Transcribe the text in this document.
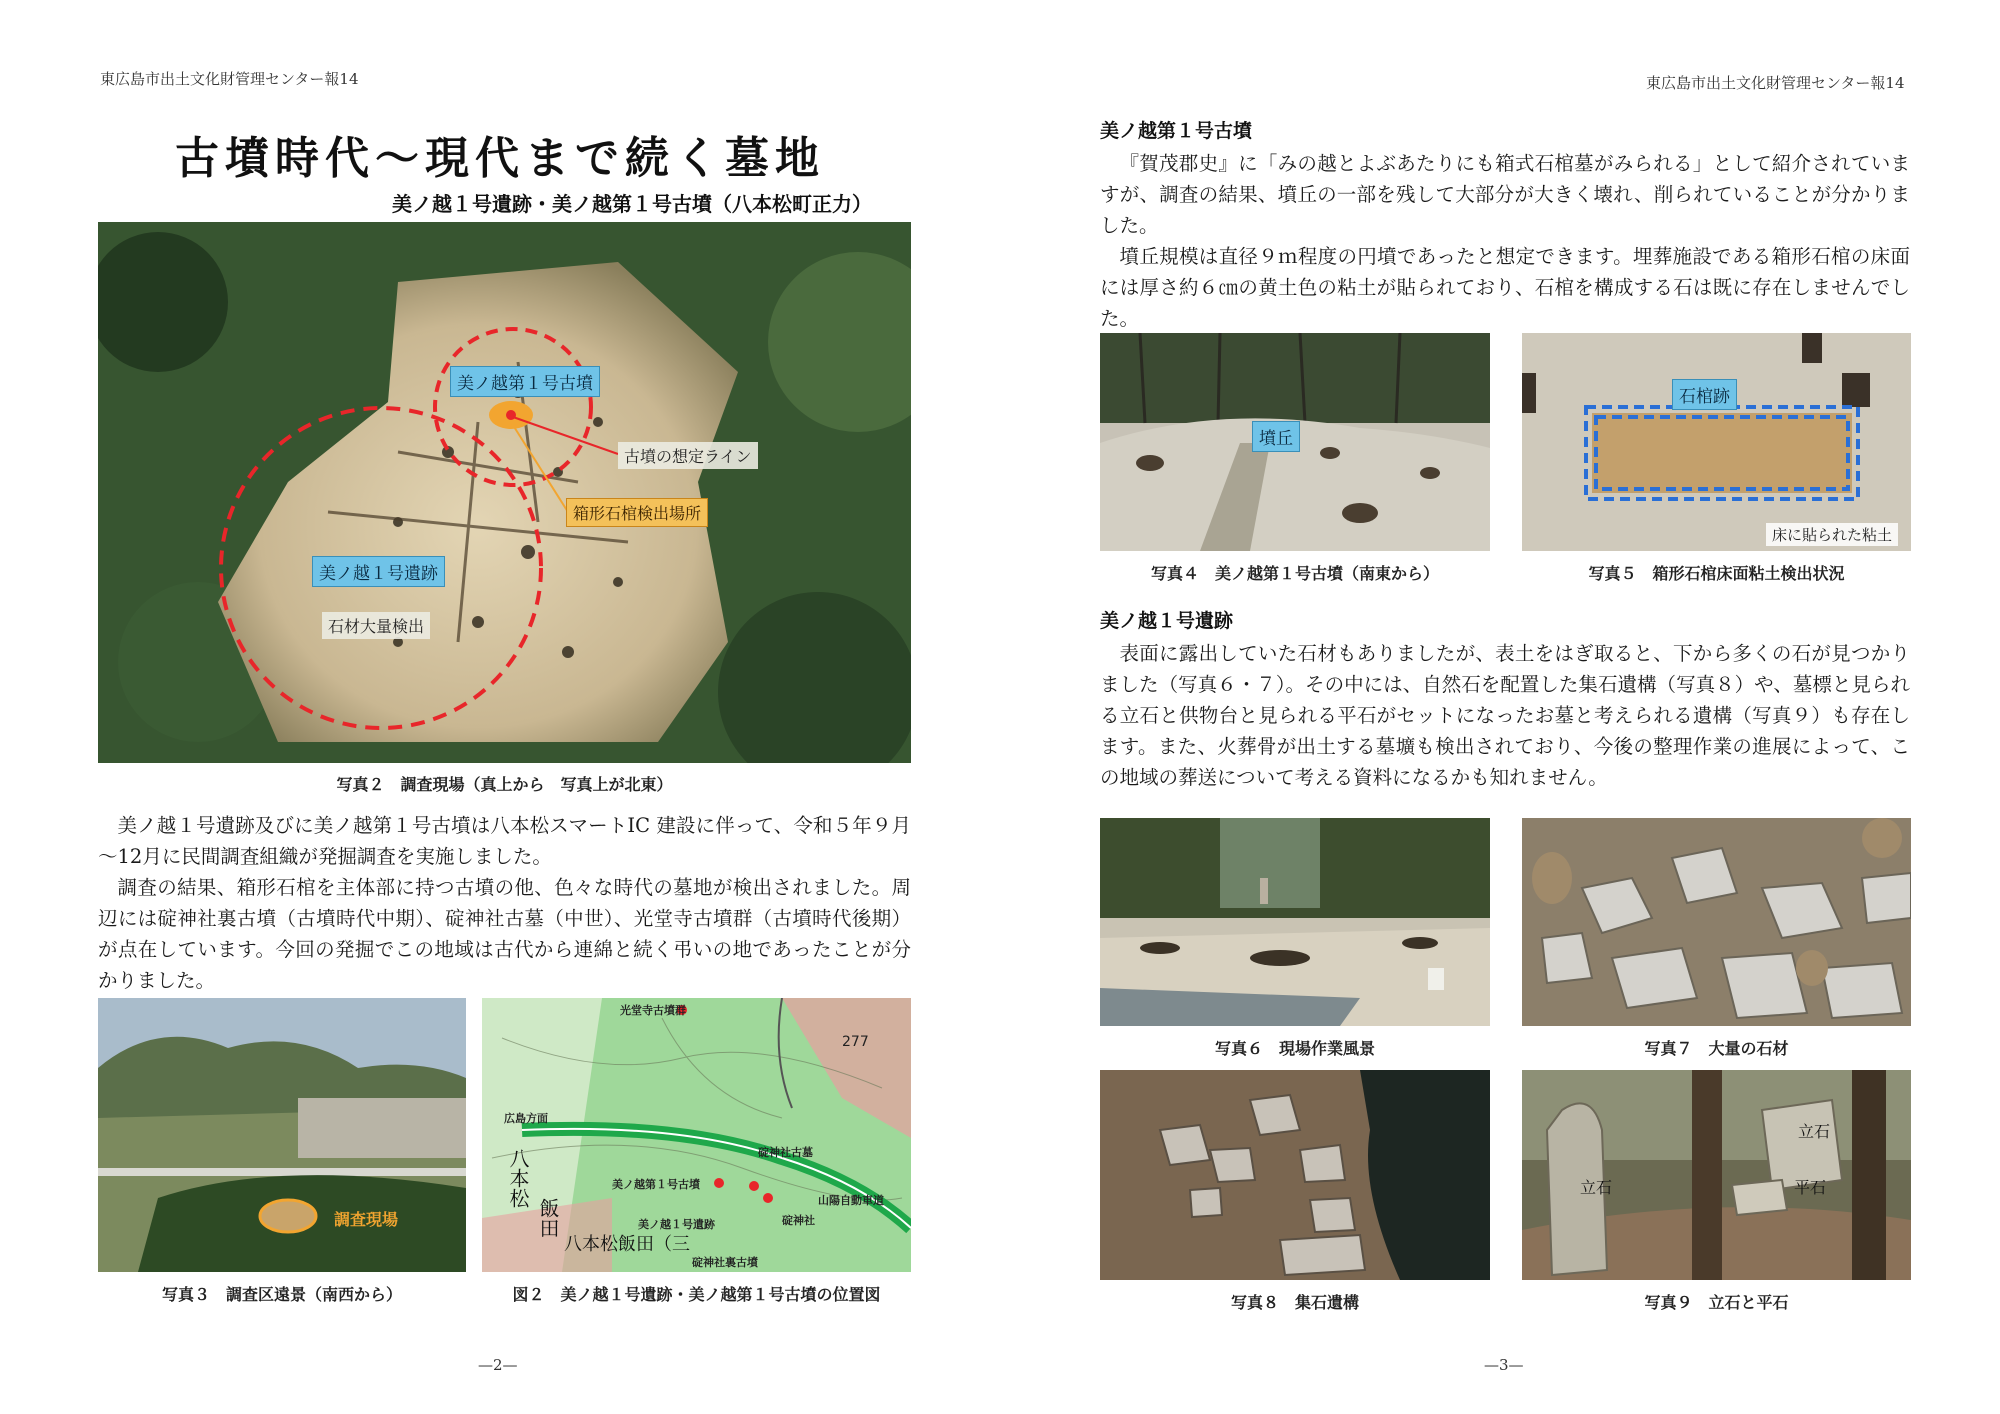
東広島市出土文化財管理センター報14	東広島市出土文化財管理センター報14
古墳時代～現代まで続く墓地
美ノ越１号遺跡・美ノ越第１号古墳（八本松町正力）
美ノ越第１号古墳
古墳の想定ライン
箱形石棺検出場所
美ノ越１号遺跡
石材大量検出
写真２　調査現場（真上から　写真上が北東）

美ノ越１号遺跡及びに美ノ越第１号古墳は八本松スマートIC 建設に伴って、令和５年９月～12月に民間調査組織が発掘調査を実施しました。

調査の結果、箱形石棺を主体部に持つ古墳の他、色々な時代の墓地が検出されました。周辺には碇神社裏古墳（古墳時代中期）、碇神社古墓（中世）、光堂寺古墳群（古墳時代後期）が点在しています。今回の発掘でこの地域は古代から連綿と続く弔いの地であったことが分かりました。

調査現場
写真３　調査区遠景（南西から）
光堂寺古墳群
277
広島方面
八本松
飯田
八本松飯田（三
碇神社古墓
美ノ越第１号古墳
美ノ越１号遺跡	碇神社
碇神社裏古墳
山陽自動車道
図２　美ノ越１号遺跡・美ノ越第１号古墳の位置図
—2—
美ノ越第１号古墳

『賀茂郡史』に「みの越とよぶあたりにも箱式石棺墓がみられる」として紹介されていますが、調査の結果、墳丘の一部を残して大部分が大きく壊れ、削られていることが分かりました。

墳丘規模は直径９ｍ程度の円墳であったと想定できます。埋葬施設である箱形石棺の床面には厚さ約６㎝の黄土色の粘土が貼られており、石棺を構成する石は既に存在しませんでした。

墳丘
写真４　美ノ越第１号古墳（南東から）
石棺跡
床に貼られた粘土
写真５　箱形石棺床面粘土検出状況
美ノ越１号遺跡

表面に露出していた石材もありましたが、表土をはぎ取ると、下から多くの石が見つかりました（写真６・７）。その中には、自然石を配置した集石遺構（写真８）や、墓標と見られる立石と供物台と見られる平石がセットになったお墓と考えられる遺構（写真９）も存在します。また、火葬骨が出土する墓壙も検出されており、今後の整理作業の進展によって、この地域の葬送について考える資料になるかも知れません。

写真６　現場作業風景	写真７　大量の石材
写真８　集石遺構
立石
立石
平石
写真９　立石と平石
—3—
